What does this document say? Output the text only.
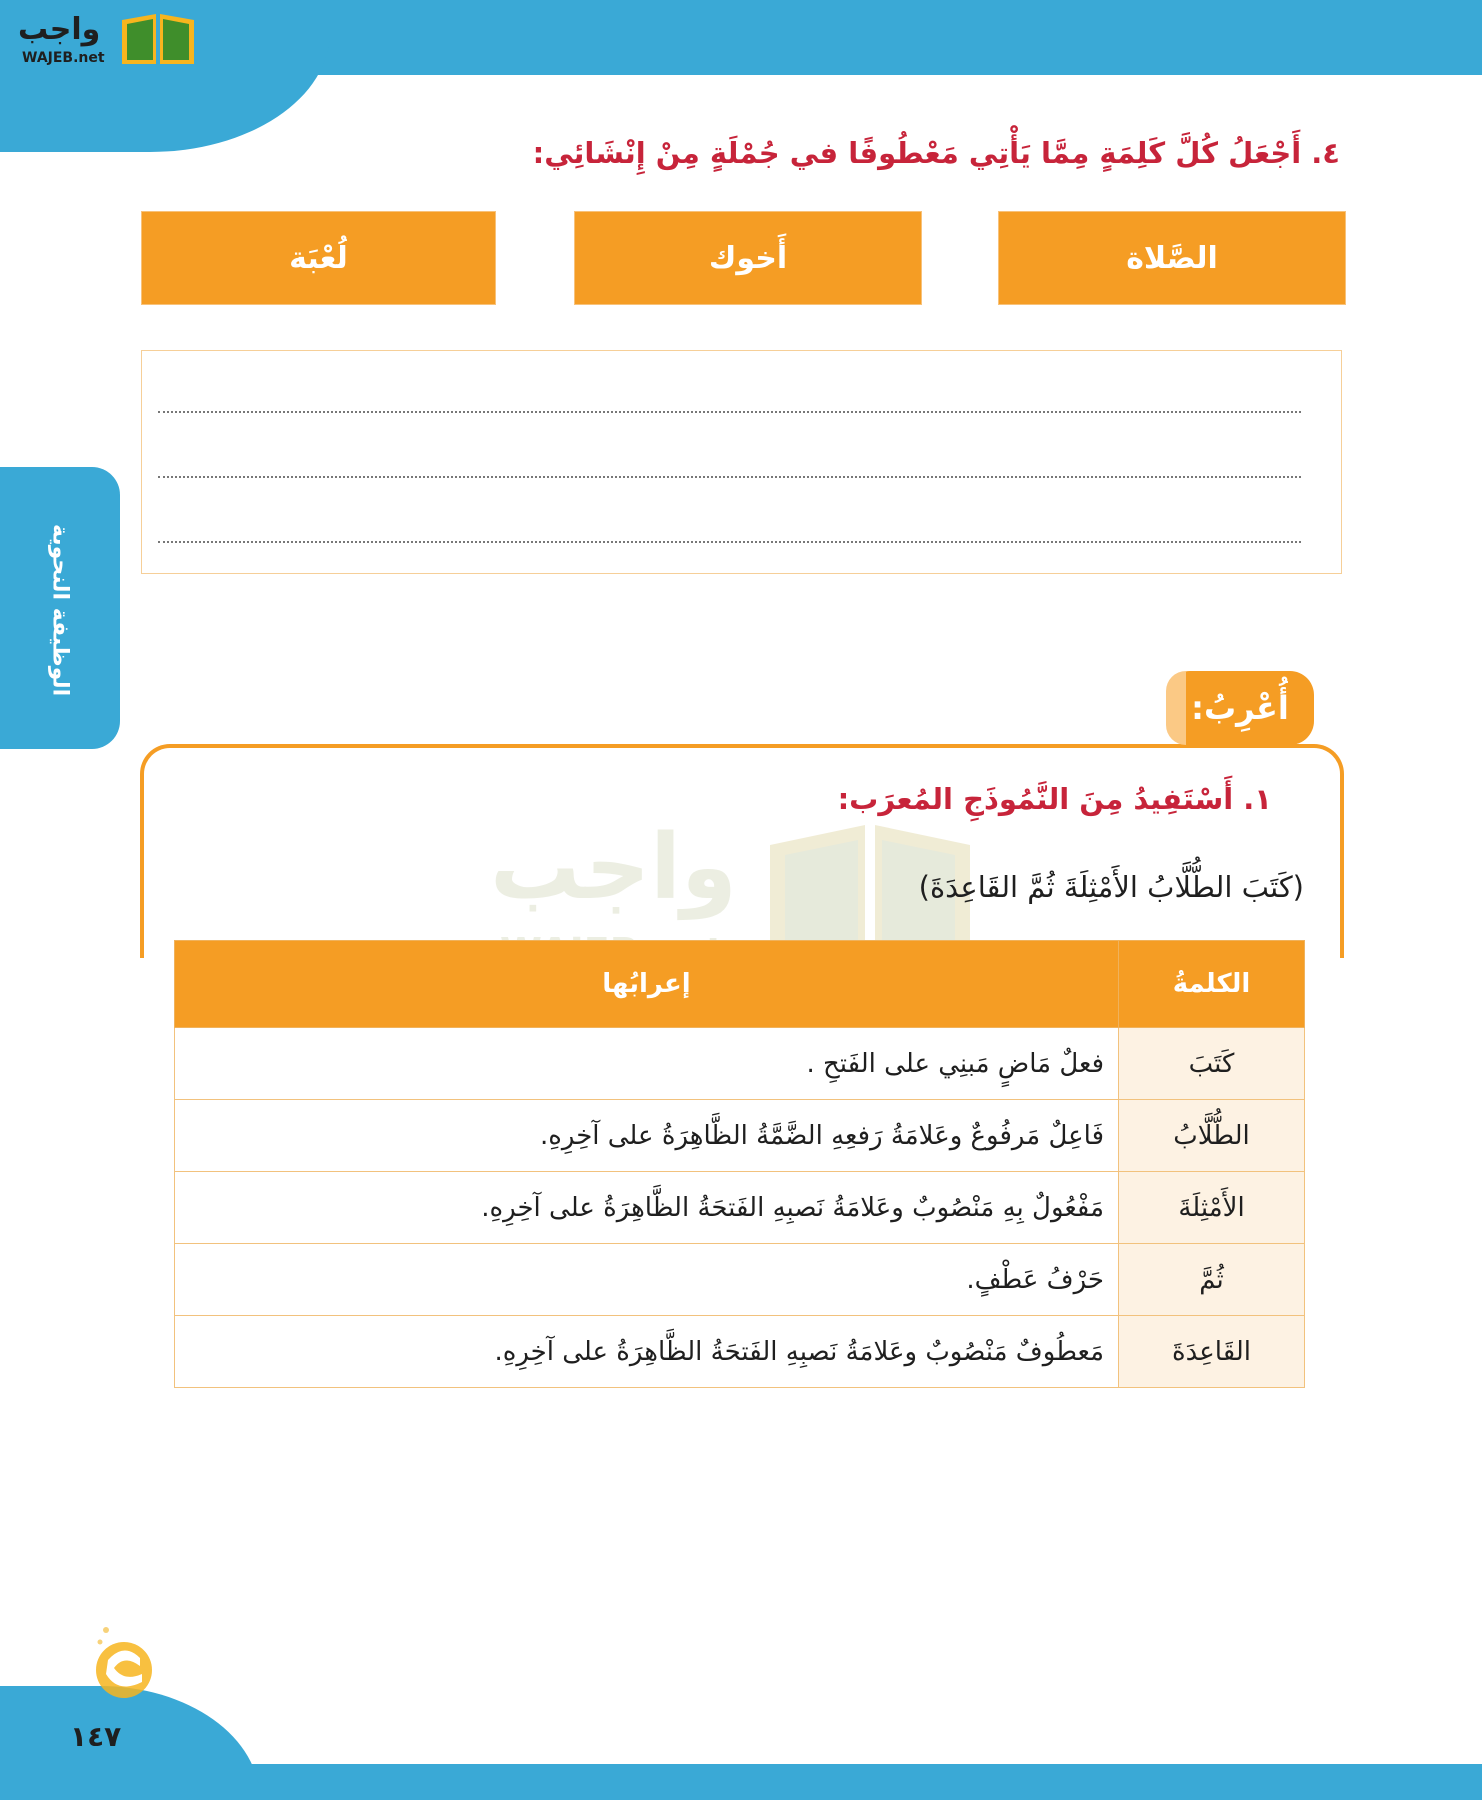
واجب
WAJEB.net
الوظيفة النحوية
٤. أَجْعَلُ كُلَّ كَلِمَةٍ مِمَّا يَأْتِي مَعْطُوفًا في جُمْلَةٍ مِنْ إِنْشَائِي:
الصَّلاة
أَخوك
لُعْبَة
أُعْرِبُ:
١. أَسْتَفِيدُ مِنَ النَّمُوذَجِ المُعرَب:
واجب	(كَتَبَ الطُّلَّابُ الأَمْثِلَةَ ثُمَّ القَاعِدَةَ)
الكلمةُ	إعرابُها
كَتَبَ	فعلٌ مَاضٍ مَبنِي على الفَتحِ .
الطُّلَّابُ	فَاعِلٌ مَرفُوعٌ وعَلامَةُ رَفعِهِ الضَّمَّةُ الظَّاهِرَةُ على آخِرِهِ.
الأَمْثِلَةَ	مَفْعُولٌ بِهِ مَنْصُوبٌ وعَلامَةُ نَصبِهِ الفَتحَةُ الظَّاهِرَةُ على آخِرِهِ.
ثُمَّ	حَرْفُ عَطْفٍ.
القَاعِدَةَ	مَعطُوفٌ مَنْصُوبٌ وعَلامَةُ نَصبِهِ الفَتحَةُ الظَّاهِرَةُ على آخِرِهِ.
١٤٧
